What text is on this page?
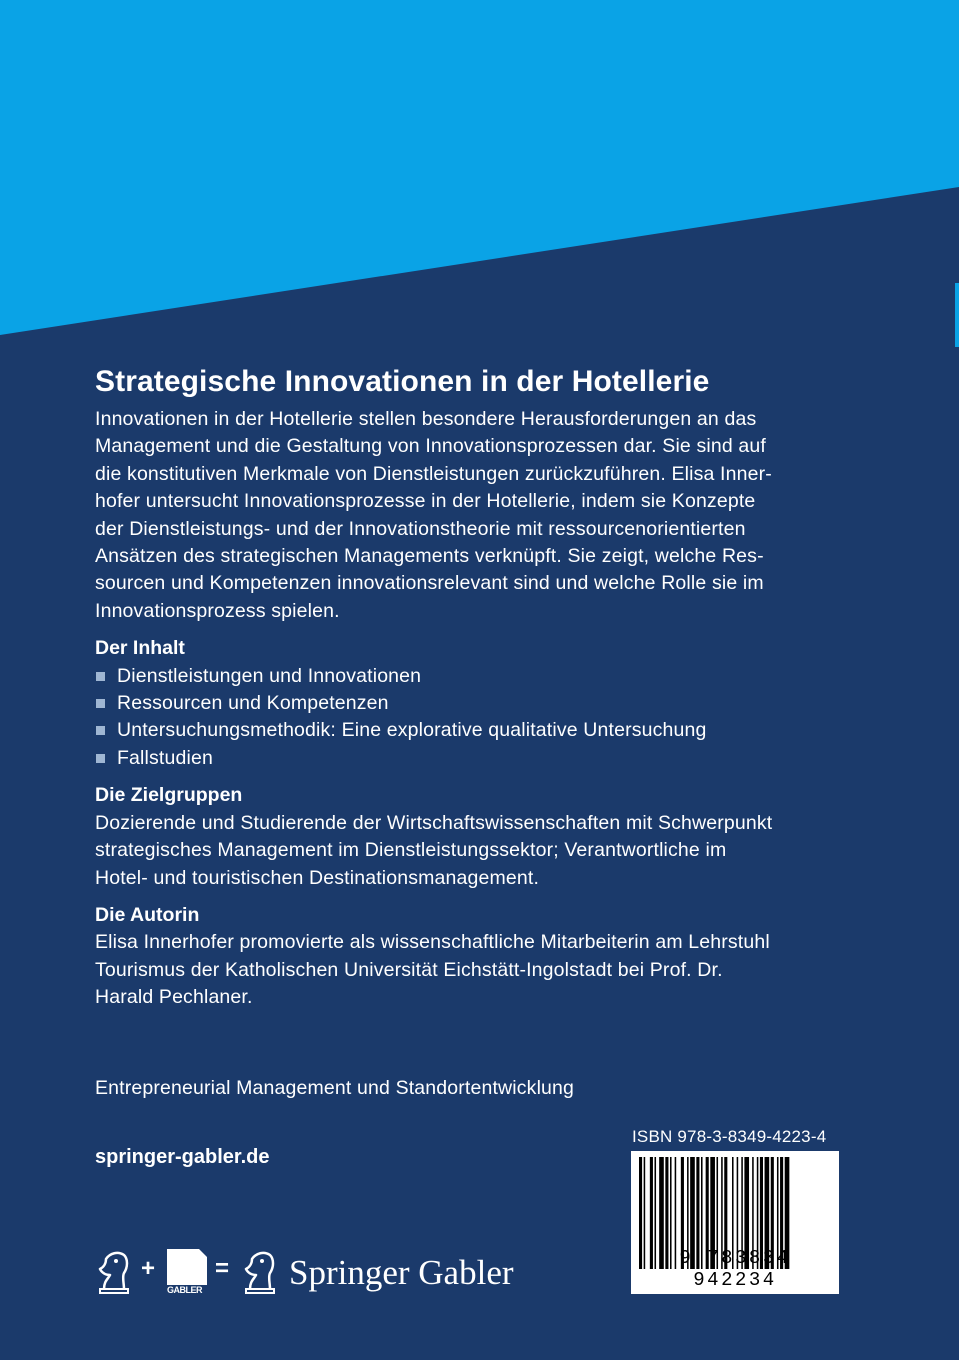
Strategische Innovationen in der Hotellerie
Innovationen in der Hotellerie stellen besondere Herausforderungen an das
Management und die Gestaltung von Innovationsprozessen dar. Sie sind auf
die konstitutiven Merkmale von Dienstleistungen zurückzuführen. Elisa Inner-
hofer untersucht Innovationsprozesse in der Hotellerie, indem sie Konzepte
der Dienstleistungs- und der Innovationstheorie mit ressourcenorientierten
Ansätzen des strategischen Managements verknüpft. Sie zeigt, welche Res-
sourcen und Kompetenzen innovationsrelevant sind und welche Rolle sie im
Innovationsprozess spielen.
Der Inhalt
Dienstleistungen und Innovationen
Ressourcen und Kompetenzen
Untersuchungsmethodik: Eine explorative qualitative Untersuchung
Fallstudien
Die Zielgruppen
Dozierende und Studierende der Wirtschaftswissenschaften mit Schwerpunkt
strategisches Management im Dienstleistungssektor; Verantwortliche im
Hotel- und touristischen Destinationsmanagement.
Die Autorin
Elisa Innerhofer promovierte als wissenschaftliche Mitarbeiterin am Lehrstuhl
Tourismus der Katholischen Universität Eichstätt-Ingolstadt bei Prof. Dr.
Harald Pechlaner.
Entrepreneurial Management und Standortentwicklung
springer-gabler.de
+
GABLER
= Springer Gabler
ISBN 978-3-8349-4223-4
9 783834 942234
